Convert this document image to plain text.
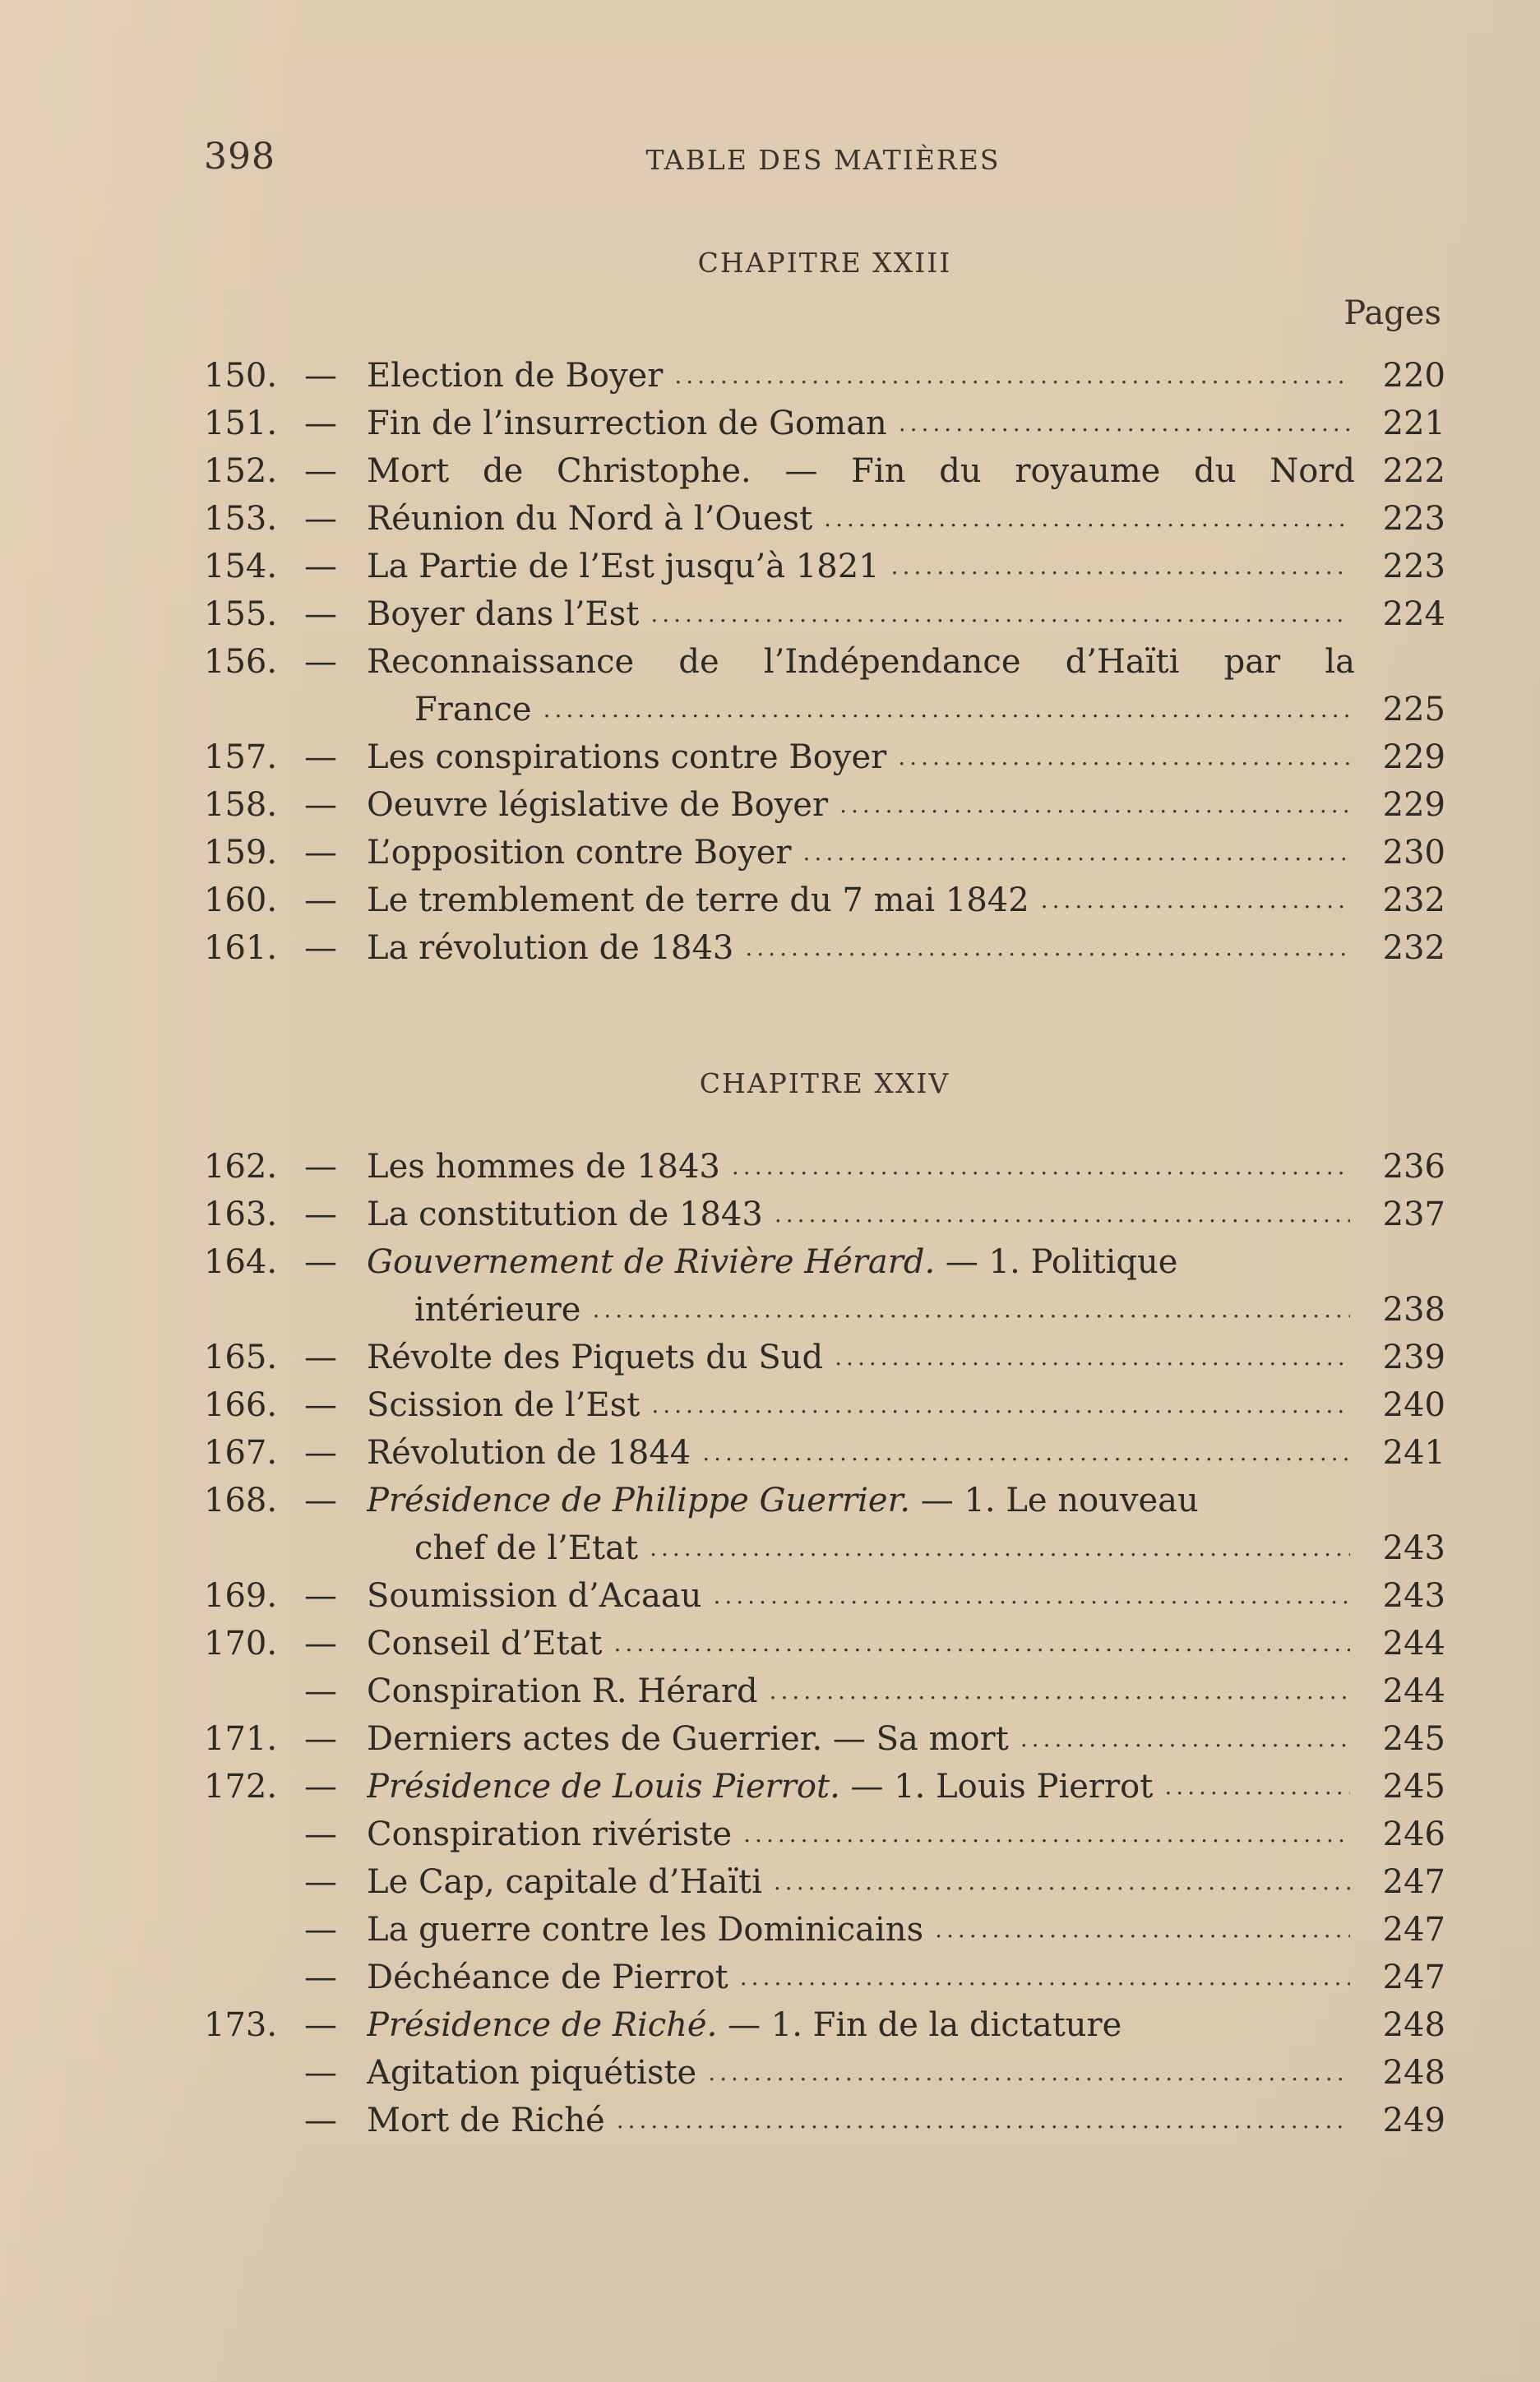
398	TABLE DES MATIÈRES
CHAPITRE XXIII
Pages
150. — Election de Boyer .....	220
151. — Fin de l’insurrection de Goman .....	221
152. — Mort de Christophe. — Fin du royaume du Nord 222
153. — Réunion du Nord à l’Ouest .....	223
154. — La Partie de l’Est jusqu’à 1821 .....	223
155. — Boyer dans l’Est .....	224
156. — Reconnaissance de l’Indépendance d’Haïti par la
France .....	225
157. — Les conspirations contre Boyer .....	229
158. — Oeuvre législative de Boyer .....	229
159. — L’opposition contre Boyer .....	230
160. — Le tremblement de terre du 7 mai 1842 .....	232
161. — La révolution de 1843 .....	232
CHAPITRE XXIV
162. — Les hommes de 1843 .....	236
163. — La constitution de 1843 .....	237
164. — Gouvernement de Rivière Hérard. — 1. Politique
intérieure .....	238
165. — Révolte des Piquets du Sud .....	239
166. — Scission de l’Est .....	240
167. — Révolution de 1844 .....	241
168. — Présidence de Philippe Guerrier. — 1. Le nouveau
chef de l’Etat .....	243
169. — Soumission d’Acaau .....	243
170. — Conseil d’Etat .....	244
— Conspiration R. Hérard .....	244
171. — Derniers actes de Guerrier. — Sa mort .....	245
172. — Présidence de Louis Pierrot. — 1. Louis Pierrot .....	245
— Conspiration rivériste .....	246
— Le Cap, capitale d’Haïti .....	247
— La guerre contre les Dominicains .....	247
— Déchéance de Pierrot .....	247
173. — Présidence de Riché. — 1. Fin de la dictature	248
— Agitation piquétiste .....	248
— Mort de Riché .....	249
